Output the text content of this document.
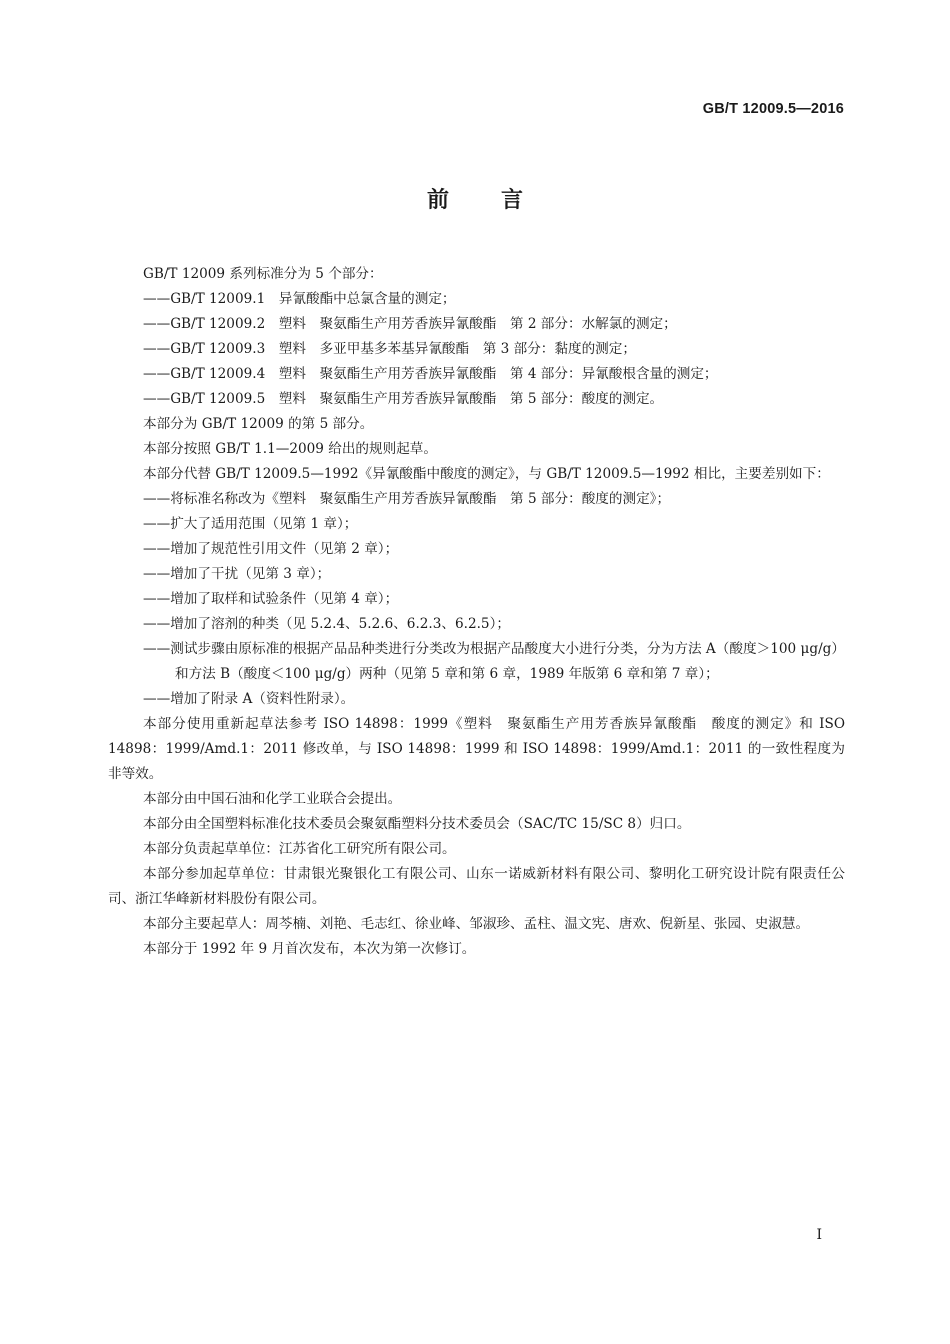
GB/T 12009.5—2016
前言

GB/T 12009 系列标准分为 5 个部分：

——GB/T 12009.1　异氰酸酯中总氯含量的测定；

——GB/T 12009.2　塑料　聚氨酯生产用芳香族异氰酸酯　第 2 部分：水解氯的测定；

——GB/T 12009.3　塑料　多亚甲基多苯基异氰酸酯　第 3 部分：黏度的测定；

——GB/T 12009.4　塑料　聚氨酯生产用芳香族异氰酸酯　第 4 部分：异氰酸根含量的测定；

——GB/T 12009.5　塑料　聚氨酯生产用芳香族异氰酸酯　第 5 部分：酸度的测定。

本部分为 GB/T 12009 的第 5 部分。

本部分按照 GB/T 1.1—2009 给出的规则起草。

本部分代替 GB/T 12009.5—1992《异氰酸酯中酸度的测定》，与 GB/T 12009.5—1992 相比，主要差别如下：

——将标准名称改为《塑料　聚氨酯生产用芳香族异氰酸酯　第 5 部分：酸度的测定》；

——扩大了适用范围（见第 1 章）；

——增加了规范性引用文件（见第 2 章）；

——增加了干扰（见第 3 章）；

——增加了取样和试验条件（见第 4 章）；

——增加了溶剂的种类（见 5.2.4、5.2.6、6.2.3、6.2.5）；

——测试步骤由原标准的根据产品品种类进行分类改为根据产品酸度大小进行分类，分为方法 A（酸度＞100 μg/g）和方法 B（酸度＜100 μg/g）两种（见第 5 章和第 6 章，1989 年版第 6 章和第 7 章）；

——增加了附录 A（资料性附录）。

本部分使用重新起草法参考 ISO 14898：1999《塑料　聚氨酯生产用芳香族异氰酸酯　酸度的测定》和 ISO 14898：1999/Amd.1：2011 修改单，与 ISO 14898：1999 和 ISO 14898：1999/Amd.1：2011 的一致性程度为非等效。

本部分由中国石油和化学工业联合会提出。

本部分由全国塑料标准化技术委员会聚氨酯塑料分技术委员会（SAC/TC 15/SC 8）归口。

本部分负责起草单位：江苏省化工研究所有限公司。

本部分参加起草单位：甘肃银光聚银化工有限公司、山东一诺威新材料有限公司、黎明化工研究设计院有限责任公司、浙江华峰新材料股份有限公司。

本部分主要起草人：周芩楠、刘艳、毛志红、徐业峰、邹淑珍、孟柱、温文宪、唐欢、倪新星、张园、史淑慧。

本部分于 1992 年 9 月首次发布，本次为第一次修订。

I
